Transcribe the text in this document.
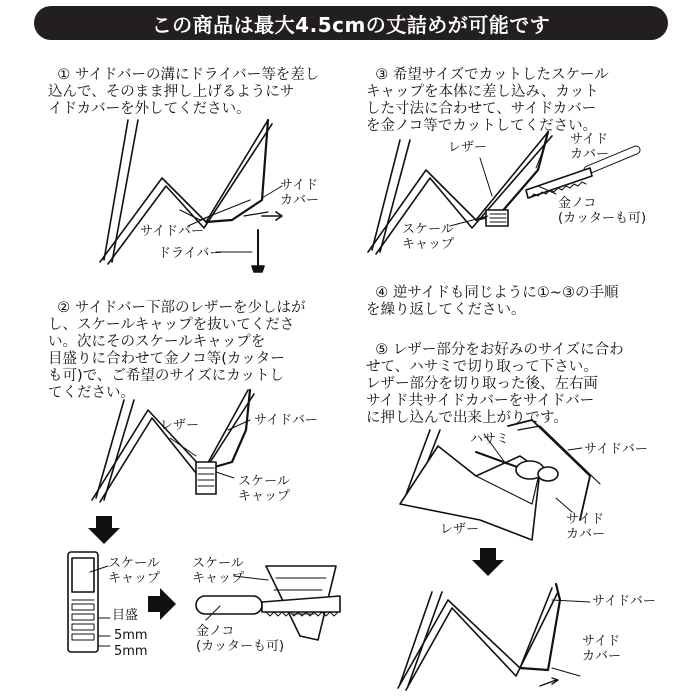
この商品は最大4.5cmの丈詰めが可能です

① サイドバーの溝にドライバー等を差し
込んで、そのまま押し上げるようにサ
イドカバーを外してください。

② サイドバー下部のレザーを少しはが
し、スケールキャップを抜いてくださ
い。次にそのスケールキャップを
目盛りに合わせて金ノコ等(カッター
も可)で、ご希望のサイズにカットし
てください。

③ 希望サイズでカットしたスケール
キャップを本体に差し込み、カット
した寸法に合わせて、サイドカバー
を金ノコ等でカットしてください。

④ 逆サイドも同じように①~③の手順
を繰り返してください。

⑤ レザー部分をお好みのサイズに合わ
せて、ハサミで切り取って下さい。
レザー部分を切り取った後、左右両
サイド共サイドカバーをサイドバー
に押し込んで出来上がりです。

サイド
カバー
サイドバー
ドライバー
レザー	サイドバー
スケール
キャップ
スケール
キャップ
目盛
5mm
5mm
スケール
キャップ
金ノコ
(カッターも可)
レザー
サイド
カバー
スケール
キャップ
金ノコ
(カッターも可)
ハサミ
サイドバー
サイド
カバー
レザー
サイドバー
サイド
カバー
